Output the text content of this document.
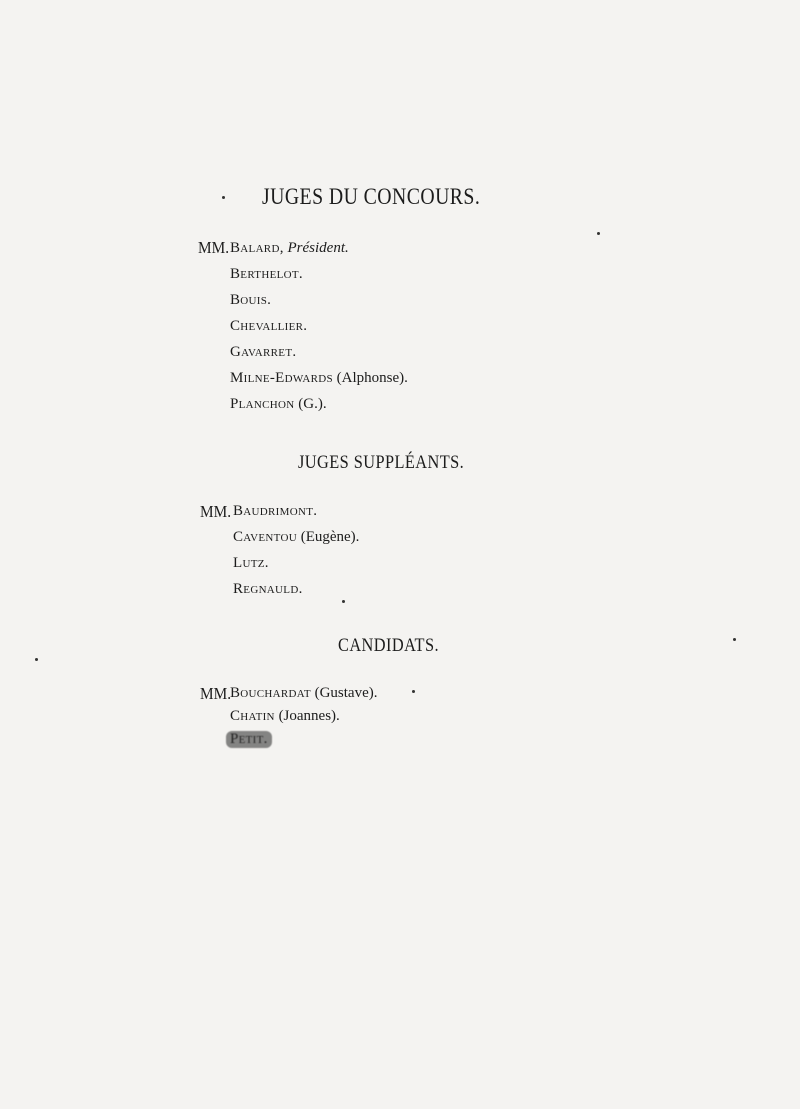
JUGES DU CONCOURS.
MM. Balard, Président.
Berthelot.
Bouis.
Chevallier.
Gavarret.
Milne-Edwards (Alphonse).
Planchon (G.).
JUGES SUPPLÉANTS.
MM. Baudrimont.
Caventou (Eugène).
Lutz.
Regnauld.
CANDIDATS.
MM.
Bouchardat (Gustave).
Chatin (Joannes).
Petit.
